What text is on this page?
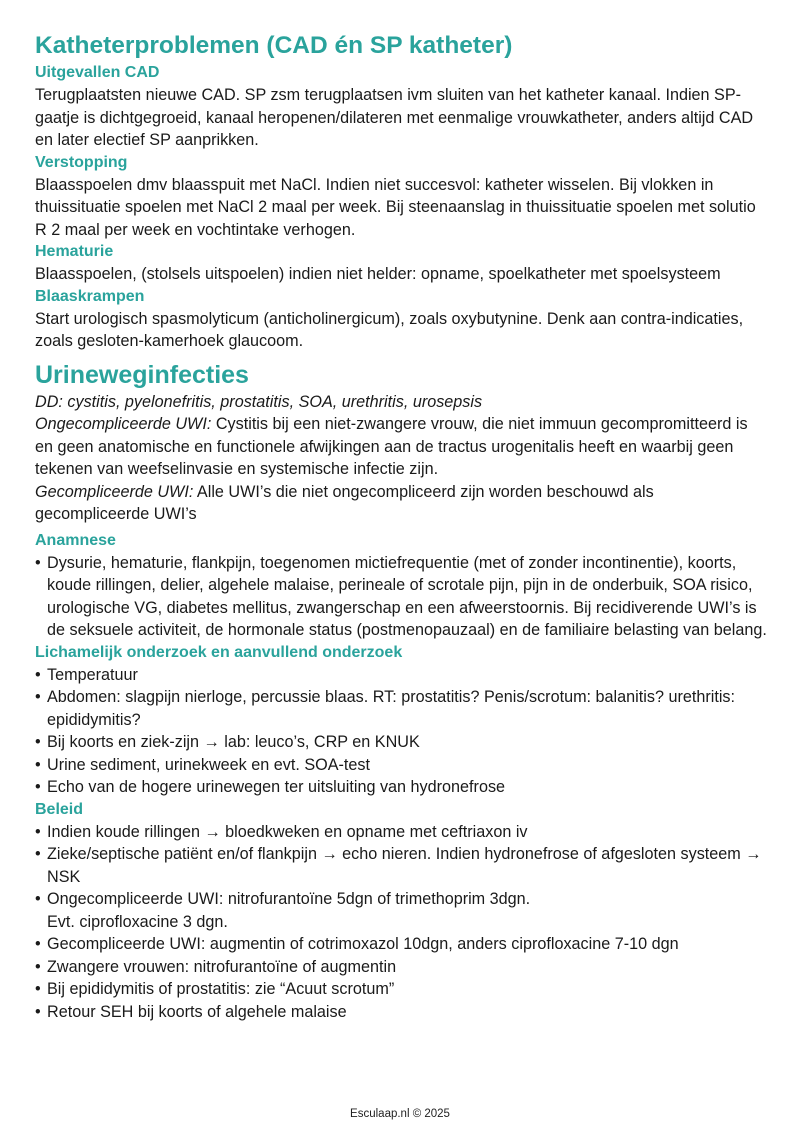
Katheterproblemen (CAD én SP katheter)
Uitgevallen CAD

Terugplaatsten nieuwe CAD. SP zsm terugplaatsen ivm sluiten van het katheter kanaal. Indien SP-gaatje is dichtgegroeid, kanaal heropenen/dilateren met eenmalige vrouwkatheter, anders altijd CAD en later electief SP aanprikken.

Verstopping

Blaasspoelen dmv blaasspuit met NaCl. Indien niet succesvol: katheter wisselen. Bij vlokken in thuissituatie spoelen met NaCl 2 maal per week. Bij steenaanslag in thuissituatie spoelen met solutio R 2 maal per week en vochtintake verhogen.

Hematurie

Blaasspoelen, (stolsels uitspoelen) indien niet helder: opname, spoelkatheter met spoelsysteem

Blaaskrampen

Start urologisch spasmolyticum (anticholinergicum), zoals oxybutynine. Denk aan contra-indicaties, zoals gesloten-kamerhoek glaucoom.

Urineweginfecties

DD: cystitis, pyelonefritis, prostatitis, SOA, urethritis, urosepsis

Ongecompliceerde UWI: Cystitis bij een niet-zwangere vrouw, die niet immuun gecompromitteerd is en geen anatomische en functionele afwijkingen aan de tractus urogenitalis heeft en waarbij geen tekenen van weefselinvasie en systemische infectie zijn.

Gecompliceerde UWI: Alle UWI’s die niet ongecompliceerd zijn worden beschouwd als gecompliceerde UWI’s

Anamnese
• Dysurie, hematurie, flankpijn, toegenomen mictiefrequentie (met of zonder incontinentie), koorts, koude rillingen, delier, algehele malaise, perineale of scrotale pijn, pijn in de onderbuik, SOA risico, urologische VG, diabetes mellitus, zwangerschap en een afweerstoornis. Bij recidiverende UWI’s is de seksuele activiteit, de hormonale status (postmenopauzaal) en de familiaire belasting van belang.
Lichamelijk onderzoek en aanvullend onderzoek
• Temperatuur
• Abdomen: slagpijn nierloge, percussie blaas. RT: prostatitis? Penis/scrotum: balanitis? urethritis: epididymitis?
• Bij koorts en ziek-zijn → lab: leuco’s, CRP en KNUK
• Urine sediment, urinekweek en evt. SOA-test
• Echo van de hogere urinewegen ter uitsluiting van hydronefrose
Beleid
• Indien koude rillingen → bloedkweken en opname met ceftriaxon iv
• Zieke/septische patiënt en/of flankpijn → echo nieren. Indien hydronefrose of afgesloten systeem → NSK
• Ongecompliceerde UWI: nitrofurantoïne 5dgn of trimethoprim 3dgn.
Evt. ciprofloxacine 3 dgn.
• Gecompliceerde UWI: augmentin of cotrimoxazol 10dgn, anders ciprofloxacine 7-10 dgn
• Zwangere vrouwen: nitrofurantoïne of augmentin
• Bij epididymitis of prostatitis: zie “Acuut scrotum”
• Retour SEH bij koorts of algehele malaise
Esculaap.nl © 2025
